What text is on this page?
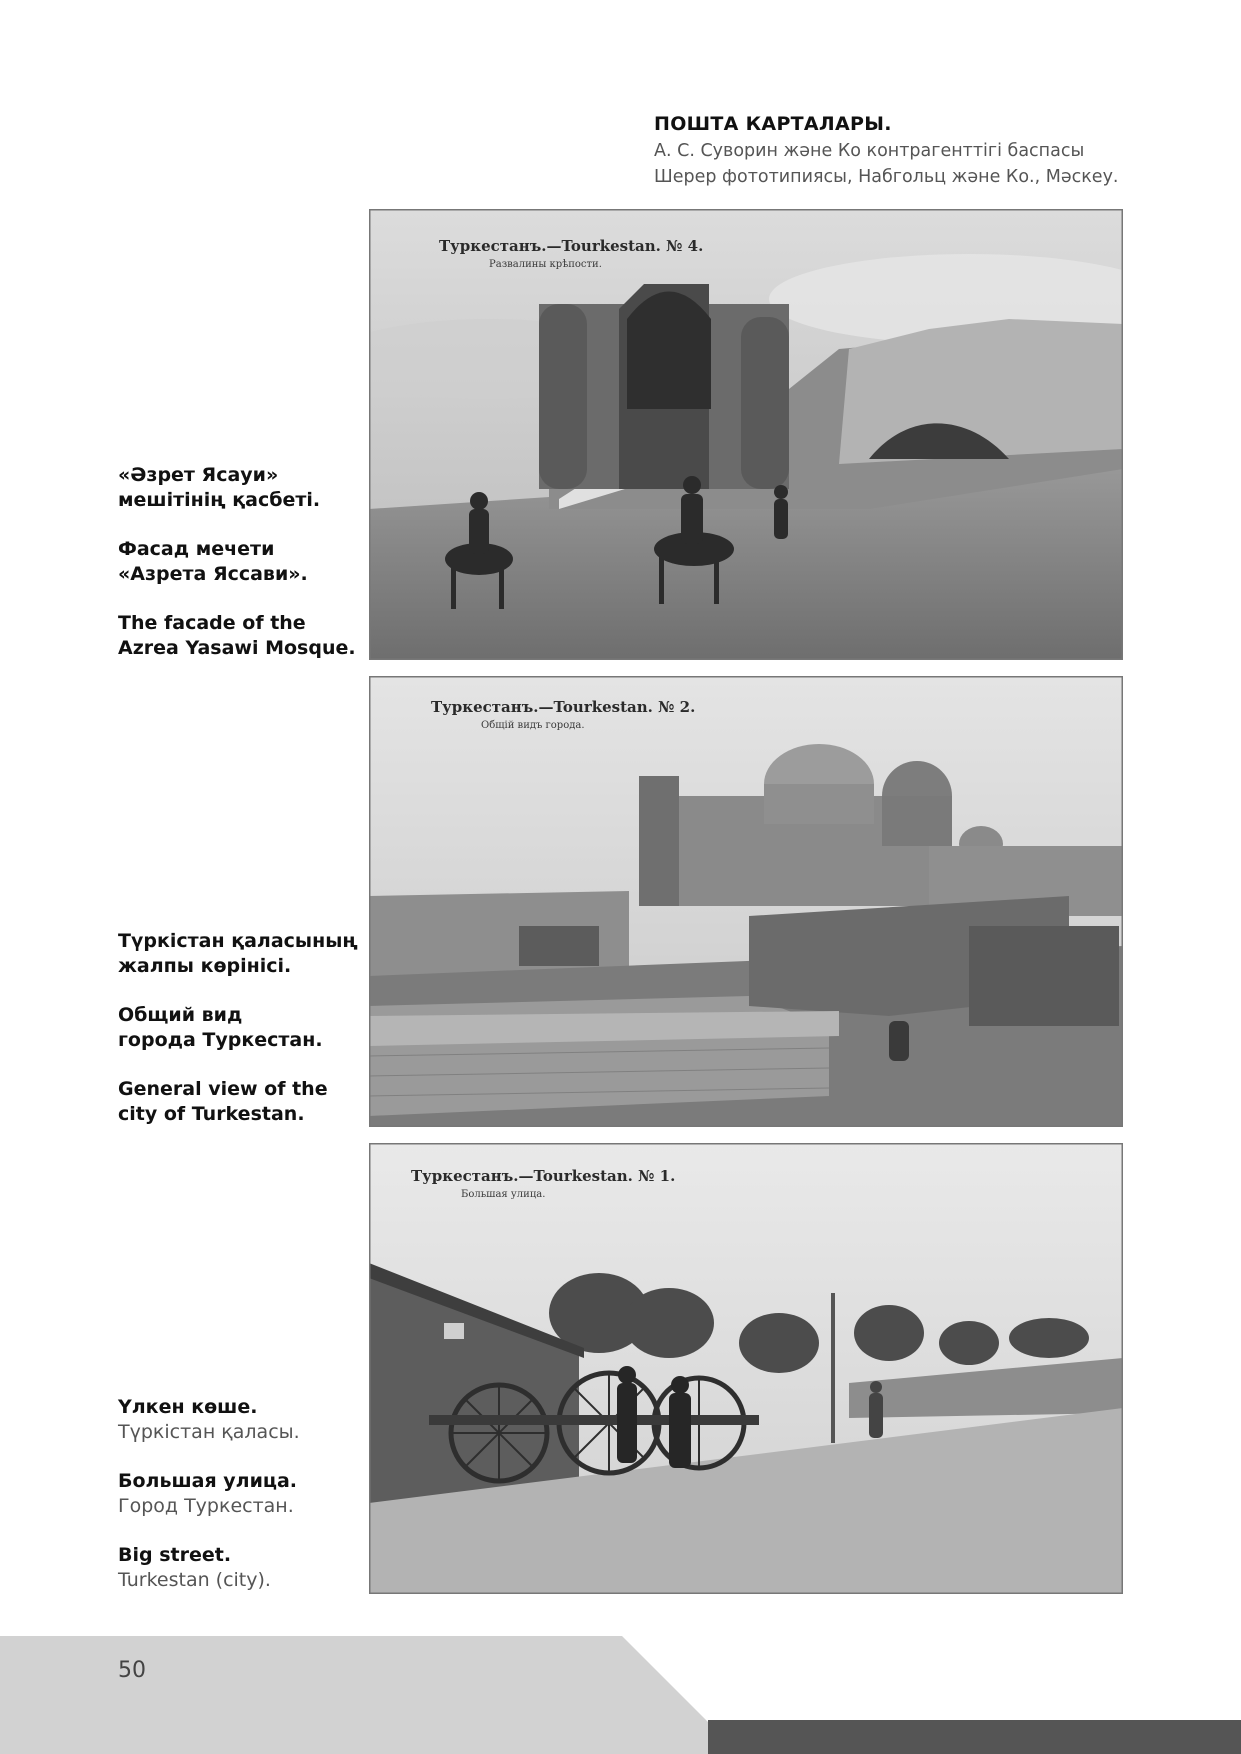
ПОШТА КАРТАЛАРЫ.
А. С. Суворин және Ко контрагенттігі баспасы
Шерер фототипиясы, Набгольц және Ко., Мәскеу.
Туркестанъ.—Tourkestan. № 4.
Развалины крѣпости.
Туркестанъ.—Tourkestan. № 2.
Общій видъ города.
Туркестанъ.—Tourkestan. № 1.
Большая улица.
«Әзрет Ясауи»
мешітінің қасбеті.
Фасад мечети
«Азрета Яссави».
The facade of the
Azrea Yasawi Mosque.
Түркістан қаласының
жалпы көрінісі.
Общий вид
города Туркестан.
General view of the
city of Turkestan.
Үлкен көше.
Түркістан қаласы.
Большая улица.
Город Туркестан.
Big street.
Turkestan (city).
50
